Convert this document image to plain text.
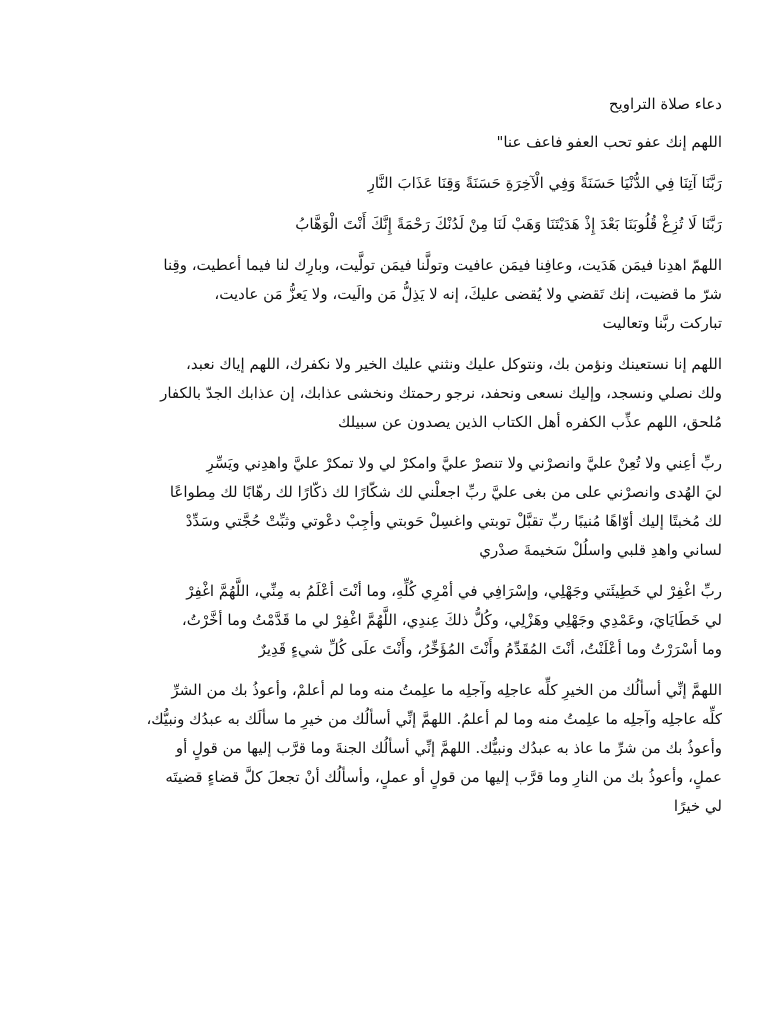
دعاء صلاة التراويح
اللهم إنك عفو تحب العفو فاعف عنا"
رَبَّنَا آتِنَا فِي الدُّنْيَا حَسَنَةً وَفِي الْآخِرَةِ حَسَنَةً وَقِنَا عَذَابَ النَّارِ
رَبَّنَا لَا تُزِغْ قُلُوبَنَا بَعْدَ إِذْ هَدَيْتَنَا وَهَبْ لَنَا مِنْ لَدُنْكَ رَحْمَةً إِنَّكَ أَنْتَ الْوَهَّابُ
اللهمّ اهدِنا فيمَن هَدَيت، وعافِنا فيمَن عافيت وتولَّنا فيمَن تولَّيت، وبارِك لنا فيما أعطيت، وقِنا
شرّ ما قضيت، إنك تَقضي ولا يُقضى عليكَ، إنه لا يَذِلُّ مَن والَيت، ولا يَعزُّ مَن عاديت،
تباركت ربَّنا وتعاليت
اللهم إنا نستعينك ونؤمن بك، ونتوكل عليك ونثني عليك الخير ولا نكفرك، اللهم إياك نعبد،
ولك نصلي ونسجد، وإليك نسعى ونحفد، نرجو رحمتك ونخشى عذابك، إن عذابك الجدّ بالكفار
مُلحق، اللهم عذِّب الكفره أهل الكتاب الذين يصدون عن سبيلك
ربِّ أعِني ولا تُعِنْ عليَّ وانصرْني ولا تنصرْ عليَّ وامكرْ لي ولا تمكرْ عليَّ واهدِني ويَسِّرِ
ليَ الهُدى وانصرْني على من بغى عليَّ ربِّ اجعلْني لك شكّارًا لك ذكّارًا لك رهّابًا لك مِطواعًا
لك مُخبتًا إليك أوّاهًا مُنيبًا ربِّ تقبَّلْ توبتي واغسِلْ حَوبتي وأجِبْ دعْوتي وثبِّتْ حُجَّتي وسَدِّدْ
لساني واهدِ قلبي واسلُلْ سَخيمةَ صدْري
ربِّ اغْفِرْ لي خَطِيئَتي وجَهْلِي، وإسْرَافِي في أمْرِي كُلِّهِ، وما أنْتَ أعْلَمُ به مِنِّي، اللَّهُمَّ اغْفِرْ
لي خَطَايَايَ، وعَمْدِي وجَهْلِي وهَزْلِي، وكُلُّ ذلكَ عِندِي، اللَّهُمَّ اغْفِرْ لي ما قَدَّمْتُ وما أخَّرْتُ،
وما أسْرَرْتُ وما أعْلَنْتُ، أنْتَ المُقَدِّمُ وأَنْتَ المُؤَخِّرُ، وأَنْتَ علَى كُلِّ شيءٍ قَدِيرٌ
اللهمَّ إنِّي أسألُك من الخيرِ كلِّه عاجلِه وآجلِه ما علِمتُ منه وما لم أعلمْ، وأعوذُ بك من الشرِّ
كلِّه عاجلِه وآجلِه ما علِمتُ منه وما لم أعلمُ. اللهمَّ إنِّي أسألُك من خيرِ ما سألَك به عبدُك ونبيُّك،
وأعوذُ بك من شرِّ ما عاذ به عبدُك ونبيُّك. اللهمَّ إنِّي أسألُك الجنةَ وما قرَّب إليها من قولٍ أو
عملٍ، وأعوذُ بك من النارِ وما قرَّب إليها من قولٍ أو عملٍ، وأسألُك أنْ تجعلَ كلَّ قضاءٍ قضيتَه
لي خيرًا
